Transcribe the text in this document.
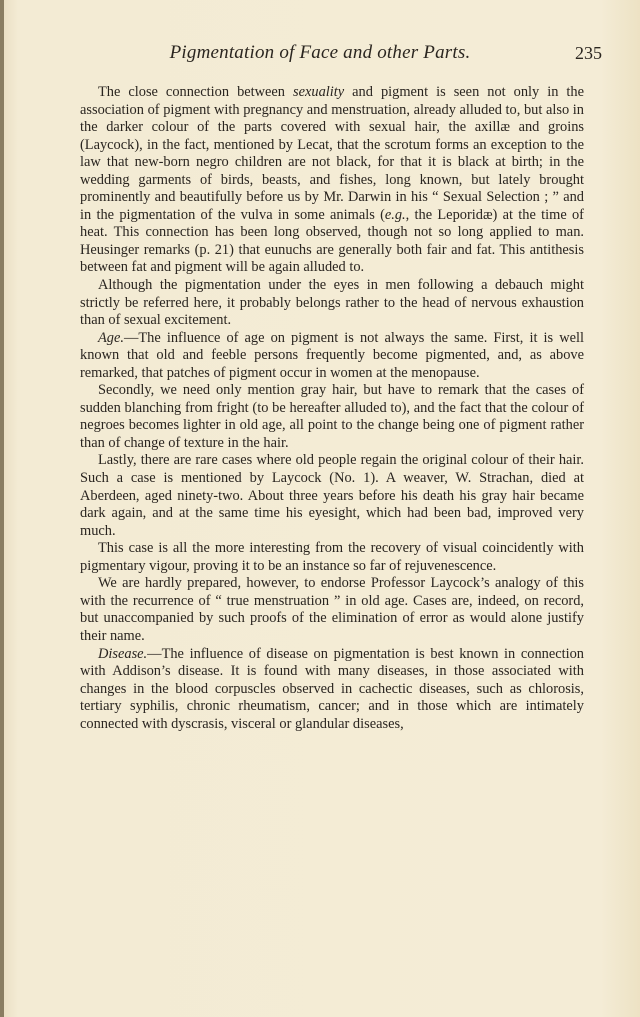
Pigmentation of Face and other Parts.	235

The close connection between sexuality and pigment is seen not only in the association of pigment with pregnancy and menstruation, already alluded to, but also in the darker colour of the parts covered with sexual hair, the axillæ and groins (Laycock), in the fact, mentioned by Lecat, that the scrotum forms an exception to the law that new-born negro children are not black, for that it is black at birth; in the wedding garments of birds, beasts, and fishes, long known, but lately brought prominently and beautifully before us by Mr. Darwin in his “ Sexual Selection ; ” and in the pigmentation of the vulva in some animals (e.g., the Leporidæ) at the time of heat. This connection has been long observed, though not so long applied to man. Heusinger remarks (p. 21) that eunuchs are generally both fair and fat. This antithesis between fat and pigment will be again alluded to.

Although the pigmentation under the eyes in men following a debauch might strictly be referred here, it probably belongs rather to the head of nervous exhaustion than of sexual excitement.

Age.—The influence of age on pigment is not always the same. First, it is well known that old and feeble persons frequently become pigmented, and, as above remarked, that patches of pigment occur in women at the menopause.

Secondly, we need only mention gray hair, but have to remark that the cases of sudden blanching from fright (to be hereafter alluded to), and the fact that the colour of negroes becomes lighter in old age, all point to the change being one of pigment rather than of change of texture in the hair.

Lastly, there are rare cases where old people regain the original colour of their hair. Such a case is mentioned by Laycock (No. 1). A weaver, W. Strachan, died at Aberdeen, aged ninety-two. About three years before his death his gray hair became dark again, and at the same time his eyesight, which had been bad, improved very much.

This case is all the more interesting from the recovery of visual coincidently with pigmentary vigour, proving it to be an instance so far of rejuvenescence.

We are hardly prepared, however, to endorse Professor Laycock’s analogy of this with the recurrence of “ true menstruation ” in old age. Cases are, indeed, on record, but unaccompanied by such proofs of the elimination of error as would alone justify their name.

Disease.—The influence of disease on pigmentation is best known in connection with Addison’s disease. It is found with many diseases, in those associated with changes in the blood corpuscles observed in cachectic diseases, such as chlorosis, tertiary syphilis, chronic rheumatism, cancer; and in those which are intimately connected with dyscrasis, visceral or glandular diseases,
